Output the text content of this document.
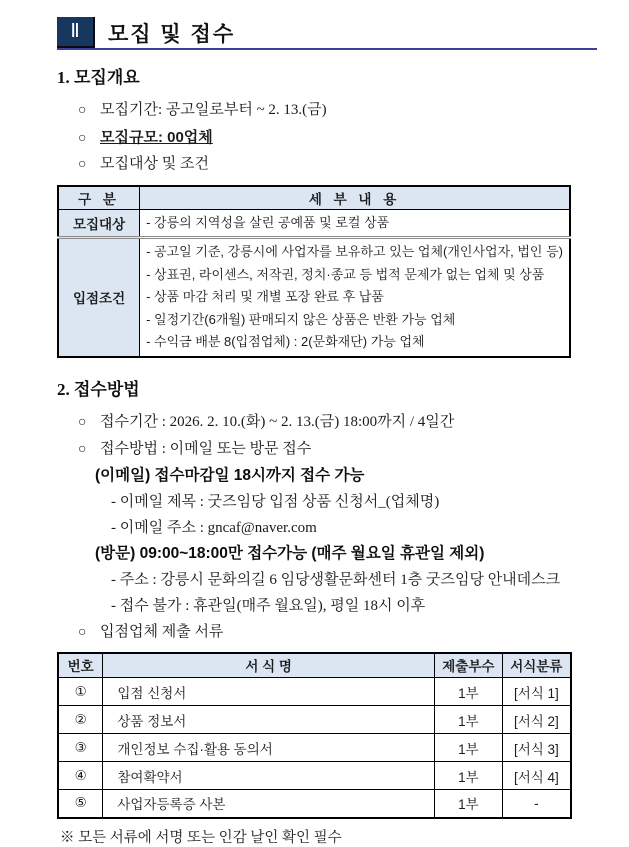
Ⅱ 모집 및 접수
1. 모집개요
○ 모집기간: 공고일로부터 ~ 2. 13.(금)
○ 모집규모: 00업체
○ 모집대상 및 조건
구 분	세 부 내 용
모집대상	- 강릉의 지역성을 살린 공예품 및 로컬 상품

입점조건	- 공고일 기준, 강릉시에 사업자를 보유하고 있는 업체(개인사업자, 법인 등)
- 상표권, 라이센스, 저작권, 정치·종교 등 법적 문제가 없는 업체 및 상품
- 상품 마감 처리 및 개별 포장 완료 후 납품
- 일정기간(6개월) 판매되지 않은 상품은 반환 가능 업체
- 수익금 배분 8(입점업체) : 2(문화재단) 가능 업체
2. 접수방법
○ 접수기간 : 2026. 2. 10.(화) ~ 2. 13.(금) 18:00까지 / 4일간
○ 접수방법 : 이메일 또는 방문 접수
(이메일) 접수마감일 18시까지 접수 가능
- 이메일 제목 : 굿즈임당 입점 상품 신청서_(업체명)
- 이메일 주소 : gncaf@naver.com
(방문) 09:00~18:00만 접수가능 (매주 월요일 휴관일 제외)
- 주소 : 강릉시 문화의길 6 임당생활문화센터 1층 굿즈임당 안내데스크
- 접수 불가 : 휴관일(매주 월요일), 평일 18시 이후
○ 입점업체 제출 서류
번호	서 식 명	제출부수	서식분류
①	입점 신청서	1부	[서식 1]
②	상품 정보서	1부	[서식 2]
③	개인정보 수집·활용 동의서	1부	[서식 3]
④	참여확약서	1부	[서식 4]
⑤	사업자등록증 사본	1부	-
※ 모든 서류에 서명 또는 인감 날인 확인 필수
